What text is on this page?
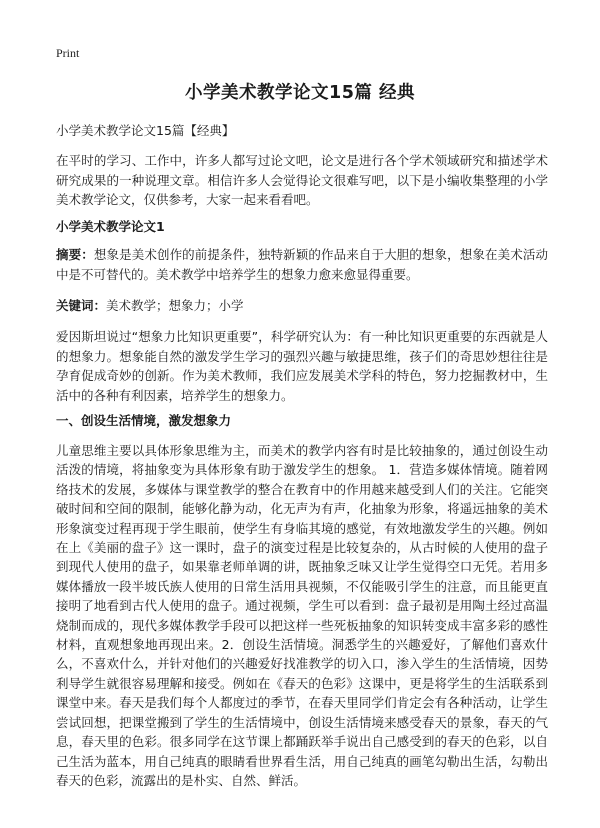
Print
小学美术教学论文15篇 经典

小学美术教学论文15篇【经典】

在平时的学习、工作中，许多人都写过论文吧，论文是进行各个学术领域研究和描述学术研究成果的一种说理文章。相信许多人会觉得论文很难写吧，以下是小编收集整理的小学美术教学论文，仅供参考，大家一起来看看吧。

小学美术教学论文1

摘要：想象是美术创作的前提条件，独特新颖的作品来自于大胆的想象，想象在美术活动中是不可替代的。美术教学中培养学生的想象力愈来愈显得重要。

关键词：美术教学；想象力；小学

爱因斯坦说过“想象力比知识更重要”，科学研究认为：有一种比知识更重要的东西就是人的想象力。想象能自然的激发学生学习的强烈兴趣与敏捷思维，孩子们的奇思妙想往往是孕育促成奇妙的创新。作为美术教师，我们应发展美术学科的特色，努力挖掘教材中，生活中的各种有利因素，培养学生的想象力。

一、创设生活情境，激发想象力

儿童思维主要以具体形象思维为主，而美术的教学内容有时是比较抽象的，通过创设生动活泼的情境，将抽象变为具体形象有助于激发学生的想象。 1．营造多媒体情境。随着网络技术的发展，多媒体与课堂教学的整合在教育中的作用越来越受到人们的关注。它能突破时间和空间的限制，能够化静为动，化无声为有声，化抽象为形象，将遥远抽象的美术形象演变过程再现于学生眼前，使学生有身临其境的感觉，有效地激发学生的兴趣。例如在上《美丽的盘子》这一课时，盘子的演变过程是比较复杂的，从古时候的人使用的盘子到现代人使用的盘子，如果靠老师单调的讲，既抽象乏味又让学生觉得空口无凭。若用多媒体播放一段半坡氏族人使用的日常生活用具视频，不仅能吸引学生的注意，而且能更直接明了地看到古代人使用的盘子。通过视频，学生可以看到：盘子最初是用陶土经过高温烧制而成的，现代多媒体教学手段可以把这样一些死板抽象的知识转变成丰富多彩的感性材料，直观想象地再现出来。2．创设生活情境。洞悉学生的兴趣爱好，了解他们喜欢什么，不喜欢什么，并针对他们的兴趣爱好找准教学的切入口，渗入学生的生活情境，因势利导学生就很容易理解和接受。例如在《春天的色彩》这课中，更是将学生的生活联系到课堂中来。春天是我们每个人都度过的季节，在春天里同学们肯定会有各种活动，让学生尝试回想，把课堂搬到了学生的生活情境中，创设生活情境来感受春天的景象，春天的气息，春天里的色彩。很多同学在这节课上都踊跃举手说出自己感受到的春天的色彩，以自己生活为蓝本，用自己纯真的眼睛看世界看生活，用自己纯真的画笔勾勒出生活，勾勒出春天的色彩，流露出的是朴实、自然、鲜活。
